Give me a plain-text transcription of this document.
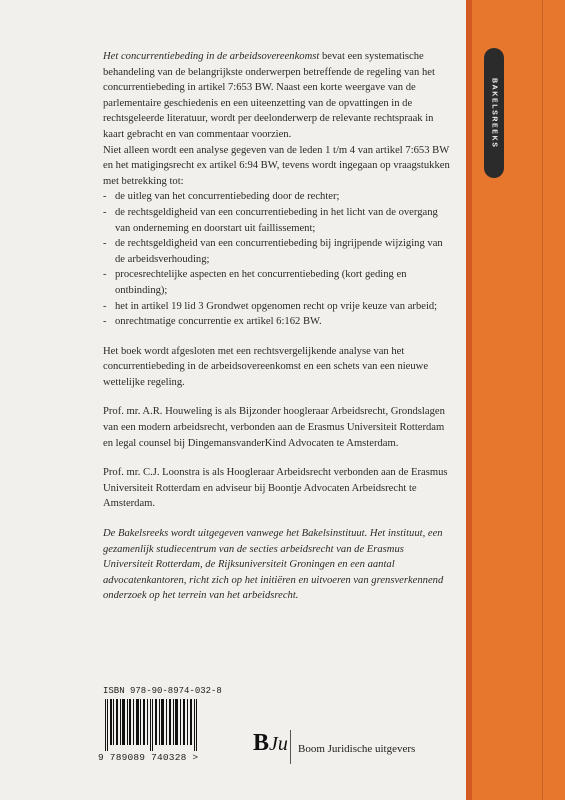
BAKELSREEKS

Het concurrentiebeding in de arbeidsovereenkomst bevat een systematische behandeling van de belangrijkste onderwerpen betreffende de regeling van het concurrentiebeding in artikel 7:653 BW. Naast een korte weergave van de parlementaire geschiedenis en een uiteenzetting van de opvattingen in de rechtsgeleerde literatuur, wordt per deelonderwerp de relevante rechtspraak in kaart gebracht en van commentaar voorzien.

Niet alleen wordt een analyse gegeven van de leden 1 t/m 4 van artikel 7:653 BW en het matigingsrecht ex artikel 6:94 BW, tevens wordt ingegaan op vraagstukken met betrekking tot:

- de uitleg van het concurrentiebeding door de rechter;
- de rechtsgeldigheid van een concurrentiebeding in het licht van de overgang van onderneming en doorstart uit faillissement;
- de rechtsgeldigheid van een concurrentiebeding bij ingrijpende wijziging van de arbeidsverhouding;
- procesrechtelijke aspecten en het concurrentiebeding (kort geding en ontbinding);
- het in artikel 19 lid 3 Grondwet opgenomen recht op vrije keuze van arbeid;
- onrechtmatige concurrentie ex artikel 6:162 BW.

Het boek wordt afgesloten met een rechtsvergelijkende analyse van het concurrentiebeding in de arbeidsovereenkomst en een schets van een nieuwe wettelijke regeling.

Prof. mr. A.R. Houweling is als Bijzonder hoogleraar Arbeidsrecht, Grondslagen van een modern arbeidsrecht, verbonden aan de Erasmus Universiteit Rotterdam en legal counsel bij DingemansvanderKind Advocaten te Amsterdam.

Prof. mr. C.J. Loonstra is als Hoogleraar Arbeidsrecht verbonden aan de Erasmus Universiteit Rotterdam en adviseur bij Boontje Advocaten Arbeidsrecht te Amsterdam.

De Bakelsreeks wordt uitgegeven vanwege het Bakelsinstituut. Het instituut, een gezamenlijk studiecentrum van de secties arbeidsrecht van de Erasmus Universiteit Rotterdam, de Rijksuniversiteit Groningen en een aantal advocatenkantoren, richt zich op het initiëren en uitvoeren van grensverkennend onderzoek op het terrein van het arbeidsrecht.

ISBN 978-90-8974-032-8
9 789089 740328 >
BJu Boom Juridische uitgevers
